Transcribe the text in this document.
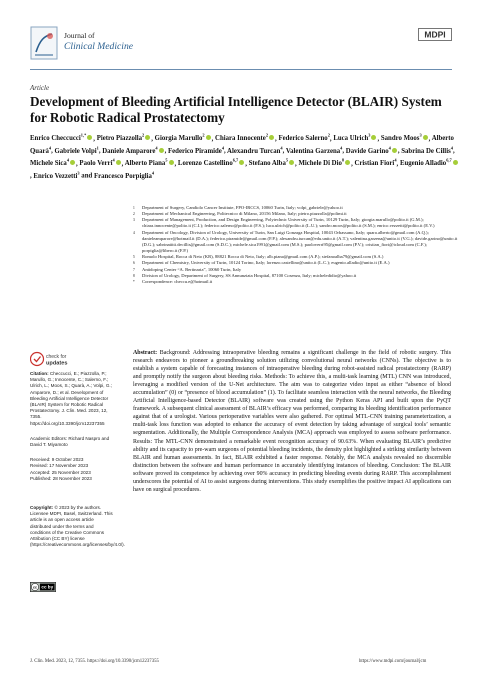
Journal of
Clinical Medicine
MDPI
Article
Development of Bleeding Artificial Intelligence Detector (BLAIR) System for Robotic Radical Prostatectomy
Enrico Checcucci$^{1,*}$ , Pietro Piazzolla$^2$ , Giorgia Marullo$^2$ , Chiara Innocente$^2$ , Federico Salerno$^2$, Luca Ulrich$^3$ , Sandro Moos$^3$ , Alberto Quarà$^4$, Gabriele Volpi$^1$, Daniele Amparore$^4$ , Federico Piramide$^4$, Alexandru Turcan$^4$, Valentina Garzena$^4$, Davide Garino$^4$ , Sabrina De Cillis$^4$, Michele Sica$^4$ , Paolo Verri$^4$ , Alberto Piana$^5$ , Lorenzo Castellino$^{6,7}$ , Stefano Alba$^5$ , Michele Di Dio$^8$ , Cristian Fiori$^4$, Eugenio Alladio$^{6,7}$, Enrico Vezzetti$^3$ and Francesco Porpiglia$^4$
1	Department of Surgery, Candiolo Cancer Institute, FPO-IRCCS, 10060 Turin, Italy; volpi_gabriele@yahoo.it
2	Department of Mechanical Engineering, Politecnico di Milano, 20156 Milano, Italy; pietro.piazzolla@polimi.it
3	Department of Management, Production, and Design Engineering, Polytechnic University of Turin, 10129 Turin, Italy; giorgia.marullo@polito.it (G.M.); chiara.innocente@polito.it (C.I.); federico.salerno@polito.it (F.S.); luca.ulrich@polito.it (L.U.); sandro.moos@polito.it (S.M.); enrico.vezzetti@polito.it (E.V.)
4	Department of Oncology, Division of Urology, University of Turin, San Luigi Gonzaga Hospital, 10043 Orbassano, Italy; quara.alberto@gmail.com (A.Q.); danieleamparore@hotmail.it (D.A.); federico.piramide@gmail.com (F.P.); alexandru.turcan@edu.unito.it (A.T.); valentina.garzena@unito.it (V.G.); davide.garino@unito.it (D.G.); sabrinatitti.decillis@gmail.com (S.D.C.); michele.sica1991@gmail.com (M.S.); paoloverri95@gmail.com (P.V.); cristian_fiori@icloud.com (C.F.); porpiglia@libero.it (F.P.)
5	Romolo Hospital, Rocca di Neto (KR), 88821 Rocca di Neto, Italy; alb.piana@gmail.com (A.P.); stefanoalba79@gmail.com (S.A.)
6	Department of Chemistry, University of Turin, 10124 Torino, Italy; lorenzo.castellino@unito.it (L.C.); eugenio.alladio@unito.it (E.A.)
7	Antidoping Center “A. Bertinaria”, 10060 Turin, Italy
8	Division of Urology, Department of Surgery, SS Annunziata Hospital, 87100 Cosenza, Italy; micheledidio@yahoo.it
*	Correspondence: checcu.e@hotmail.it
check for
updates
Citation: Checcucci, E.; Piazzolla, P.; Marullo, G.; Innocente, C.; Salerno, F.; Ulrich, L.; Moos, S.; Quarà, A.; Volpi, G.; Amparore, D.; et al. Development of Bleeding Artificial Intelligence Detector (BLAIR) System for Robotic Radical Prostatectomy. J. Clin. Med. 2023, 12, 7355. https://doi.org/10.3390/jcm12237355
Academic Editors: Richard Naspro and David T. Miyamoto
Received: 9 October 2023
Revised: 17 November 2023
Accepted: 25 November 2023
Published: 28 November 2023
Copyright: © 2023 by the authors. Licensee MDPI, Basel, Switzerland. This article is an open access article distributed under the terms and conditions of the Creative Commons Attribution (CC BY) license (https://creativecommons.org/licenses/by/4.0/).
cc cc by
Abstract: Background: Addressing intraoperative bleeding remains a significant challenge in the field of robotic surgery. This research endeavors to pioneer a groundbreaking solution utilizing convolutional neural networks (CNNs). The objective is to establish a system capable of forecasting instances of intraoperative bleeding during robot-assisted radical prostatectomy (RARP) and promptly notify the surgeon about bleeding risks. Methods: To achieve this, a multi-task learning (MTL) CNN was introduced, leveraging a modified version of the U-Net architecture. The aim was to categorize video input as either “absence of blood accumulation” (0) or “presence of blood accumulation” (1). To facilitate seamless interaction with the neural networks, the Bleeding Artificial Intelligence-based Detector (BLAIR) software was created using the Python Keras API and built upon the PyQT framework. A subsequent clinical assessment of BLAIR’s efficacy was performed, comparing its bleeding identification performance against that of a urologist. Various perioperative variables were also gathered. For optimal MTL-CNN training parameterization, a multi-task loss function was adopted to enhance the accuracy of event detection by taking advantage of surgical tools’ semantic segmentation. Additionally, the Multiple Correspondence Analysis (MCA) approach was employed to assess software performance. Results: The MTL-CNN demonstrated a remarkable event recognition accuracy of 90.63%. When evaluating BLAIR’s predictive ability and its capacity to pre-warn surgeons of potential bleeding incidents, the density plot highlighted a striking similarity between BLAIR and human assessments. In fact, BLAIR exhibited a faster response. Notably, the MCA analysis revealed no discernible distinction between the software and human performance in accurately identifying instances of bleeding. Conclusion: The BLAIR software proved its competence by achieving over 90% accuracy in predicting bleeding events during RARP. This accomplishment underscores the potential of AI to assist surgeons during interventions. This study exemplifies the positive impact AI applications can have on surgical procedures.
J. Clin. Med. 2023, 12, 7355. https://doi.org/10.3390/jcm12237355	https://www.mdpi.com/journal/jcm
